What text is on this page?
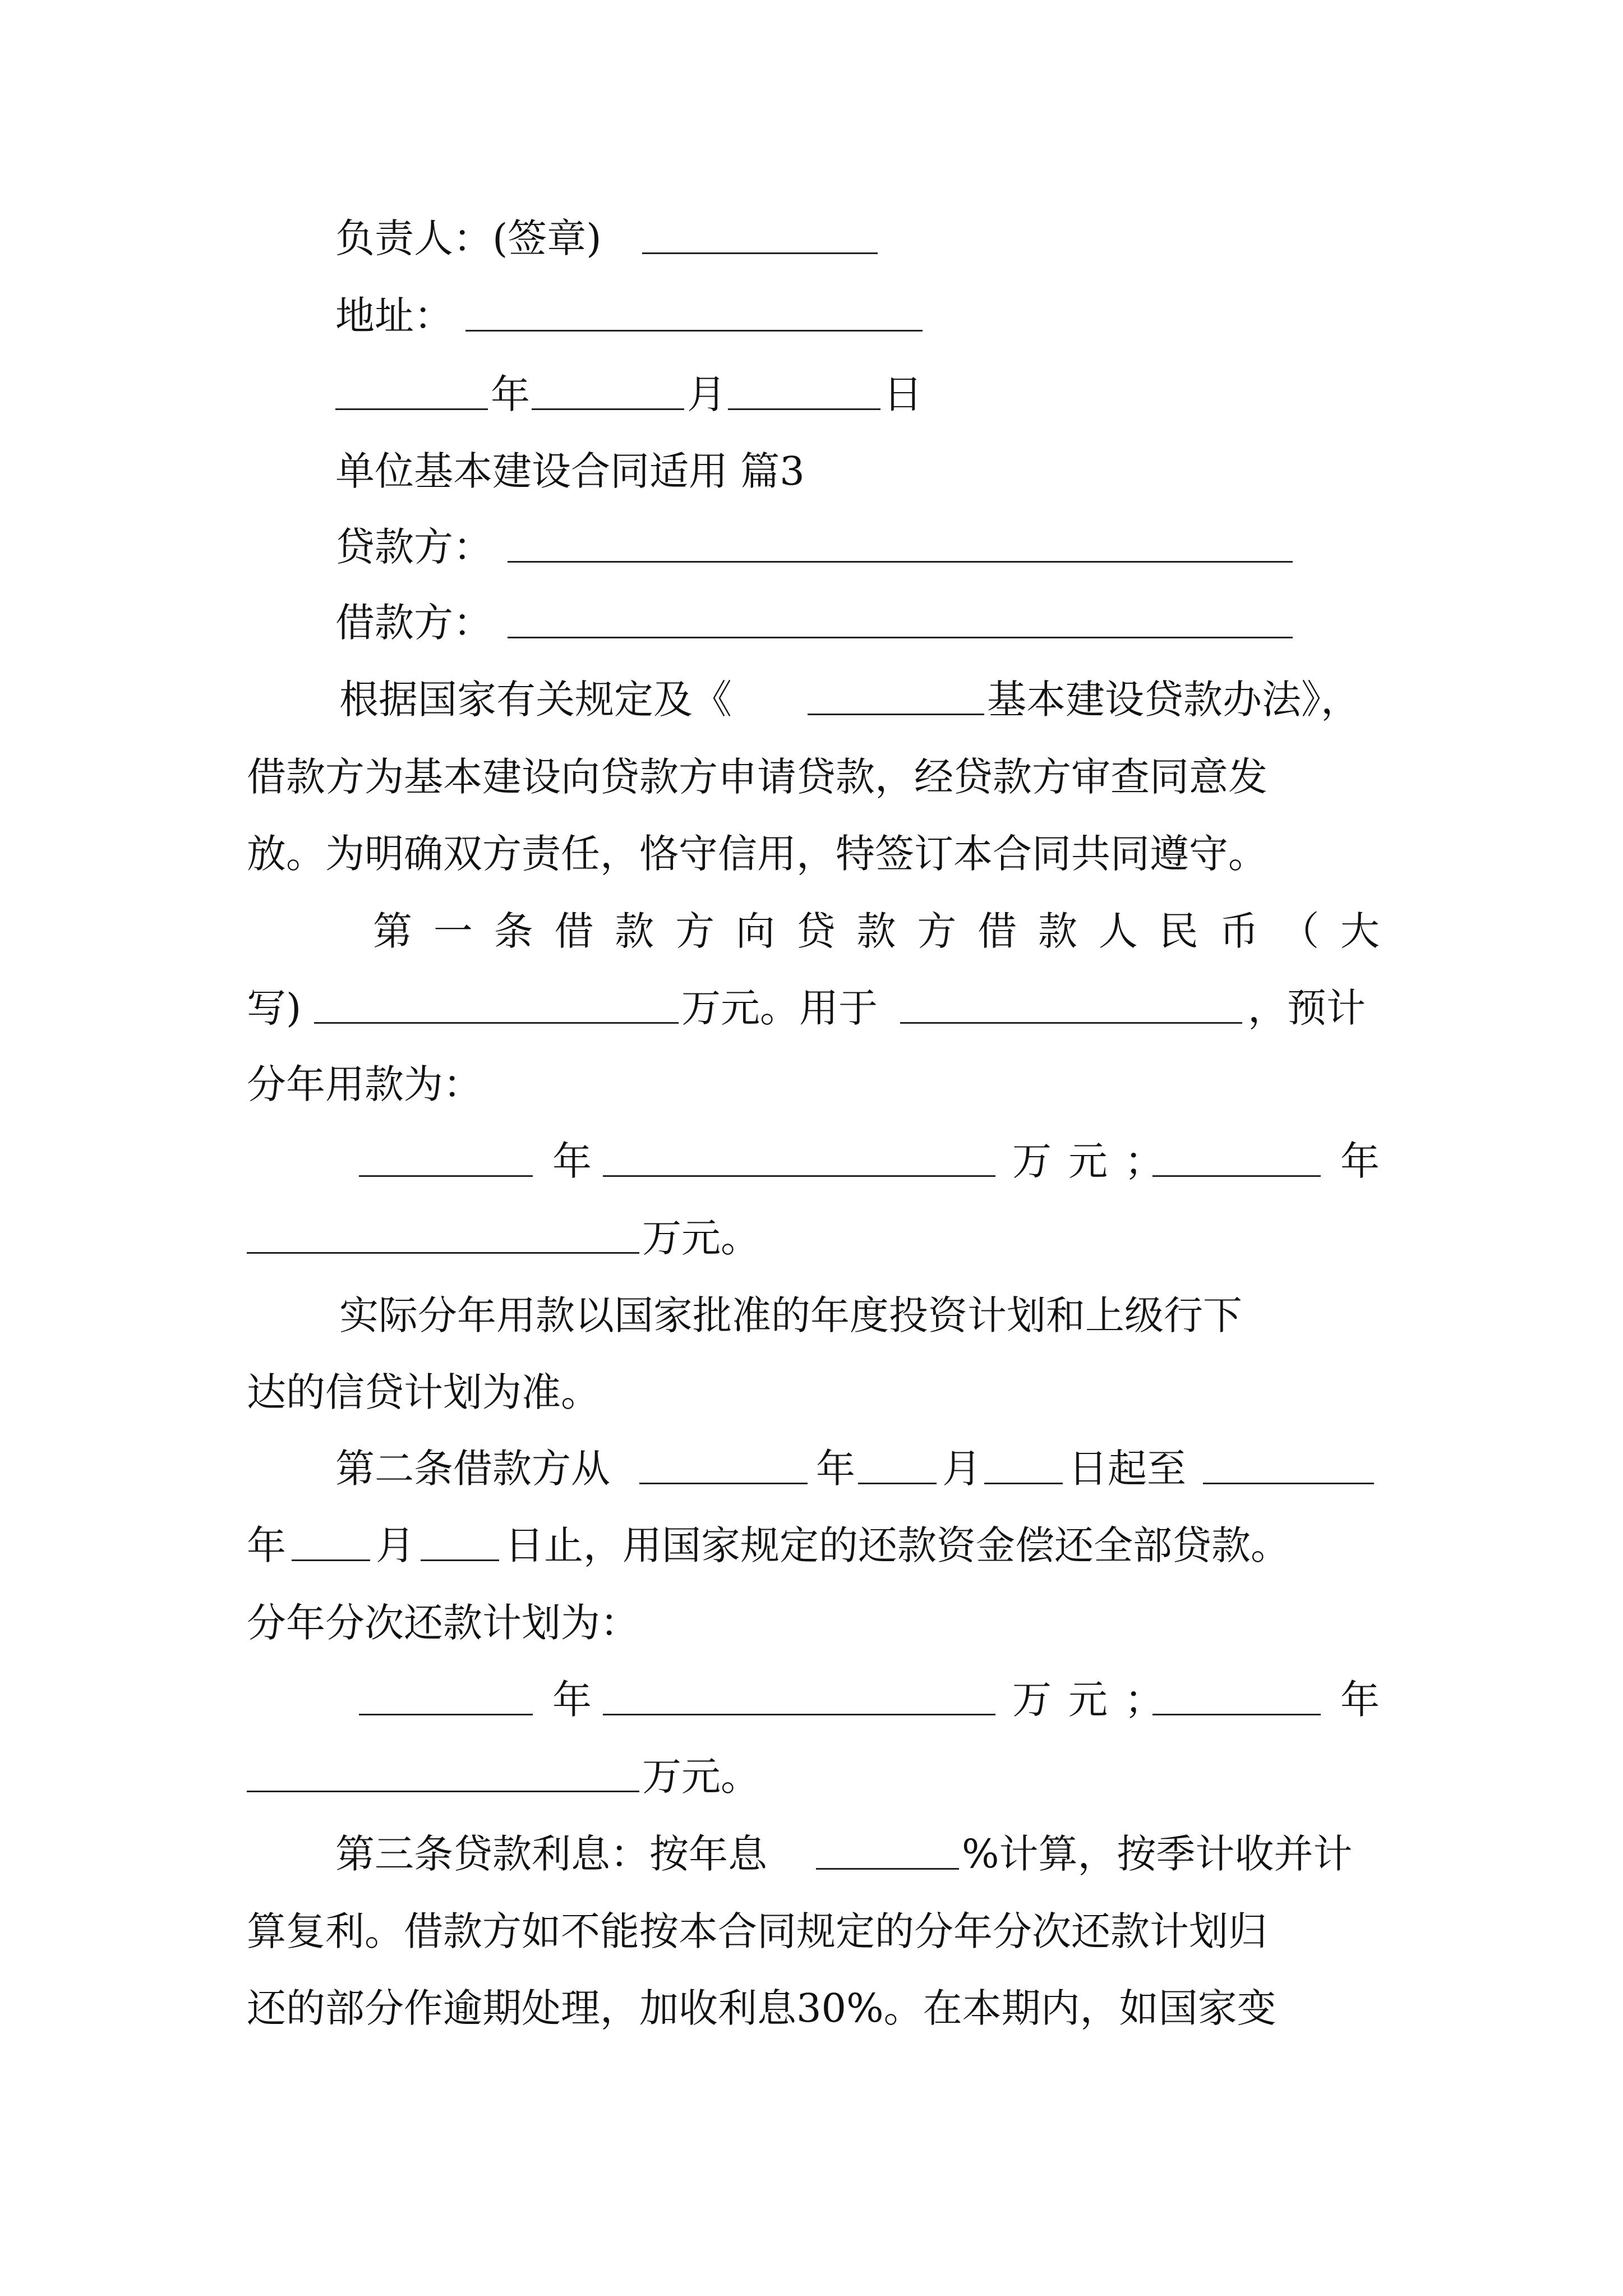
负责人：(签章)
地址：
年	月	日
单位基本建设合同适用 篇3
贷款方：
借款方：
根据国家有关规定及《	基本建设贷款办法》，
借款方为基本建设向贷款方申请贷款，经贷款方审查同意发
放。为明确双方责任，恪守信用，特签订本合同共同遵守。
第 一 条 借 款 方 向 贷 款 方 借 款 人 民 币 （ 大
写)	万元。用于	，预计
分年用款为：
年	万 元；	年
万元。
实际分年用款以国家批准的年度投资计划和上级行下
达的信贷计划为准。
第二条借款方从	年 月 日起至
年 月 日止，用国家规定的还款资金偿还全部贷款。
分年分次还款计划为：
年	万 元；	年
万元。
第三条贷款利息：按年息	%计算，按季计收并计
算复利。借款方如不能按本合同规定的分年分次还款计划归
还的部分作逾期处理，加收利息30%。在本期内，如国家变
